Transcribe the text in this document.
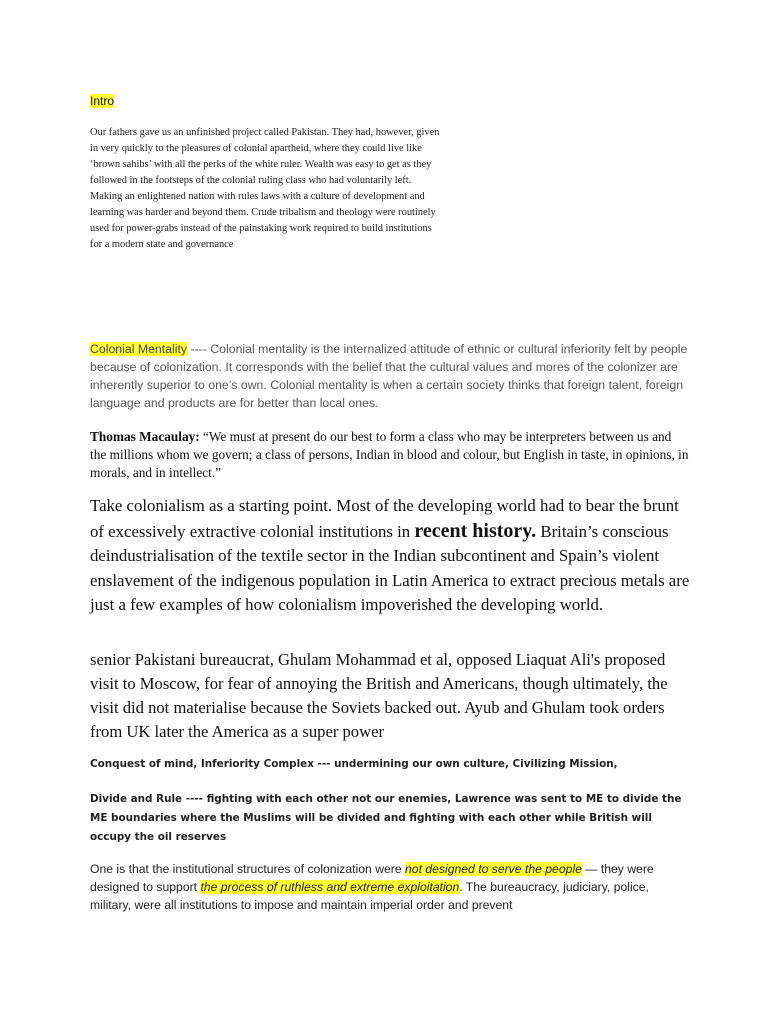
Intro
Our fathers gave us an unfinished project called Pakistan. They had, however, given in very quickly to the pleasures of colonial apartheid, where they could live like ‘brown sahibs’ with all the perks of the white ruler. Wealth was easy to get as they followed in the footsteps of the colonial ruling class who had voluntarily left. Making an enlightened nation with rules laws with a culture of development and learning was harder and beyond them. Crude tribalism and theology were routinely used for power-grabs instead of the painstaking work required to build institutions for a modern state and governance
Colonial Mentality ---- Colonial mentality is the internalized attitude of ethnic or cultural inferiority felt by people because of colonization. It corresponds with the belief that the cultural values and mores of the colonizer are inherently superior to one’s own. Colonial mentality is when a certain society thinks that foreign talent, foreign language and products are for better than local ones.
Thomas Macaulay: “We must at present do our best to form a class who may be interpreters between us and the millions whom we govern; a class of persons, Indian in blood and colour, but English in taste, in opinions, in morals, and in intellect.”
Take colonialism as a starting point. Most of the developing world had to bear the brunt of excessively extractive colonial institutions in recent history. Britain’s conscious deindustrialisation of the textile sector in the Indian subcontinent and Spain’s violent enslavement of the indigenous population in Latin America to extract precious metals are just a few examples of how colonialism impoverished the developing world.
senior Pakistani bureaucrat, Ghulam Mohammad et al, opposed Liaquat Ali's proposed visit to Moscow, for fear of annoying the British and Americans, though ultimately, the visit did not materialise because the Soviets backed out. Ayub and Ghulam took orders from UK later the America as a super power
Conquest of mind, Inferiority Complex --- undermining our own culture, Civilizing Mission,
Divide and Rule ---- fighting with each other not our enemies, Lawrence was sent to ME to divide the ME boundaries where the Muslims will be divided and fighting with each other while British will occupy the oil reserves
One is that the institutional structures of colonization were not designed to serve the people — they were designed to support the process of ruthless and extreme exploitation. The bureaucracy, judiciary, police, military, were all institutions to impose and maintain imperial order and prevent
